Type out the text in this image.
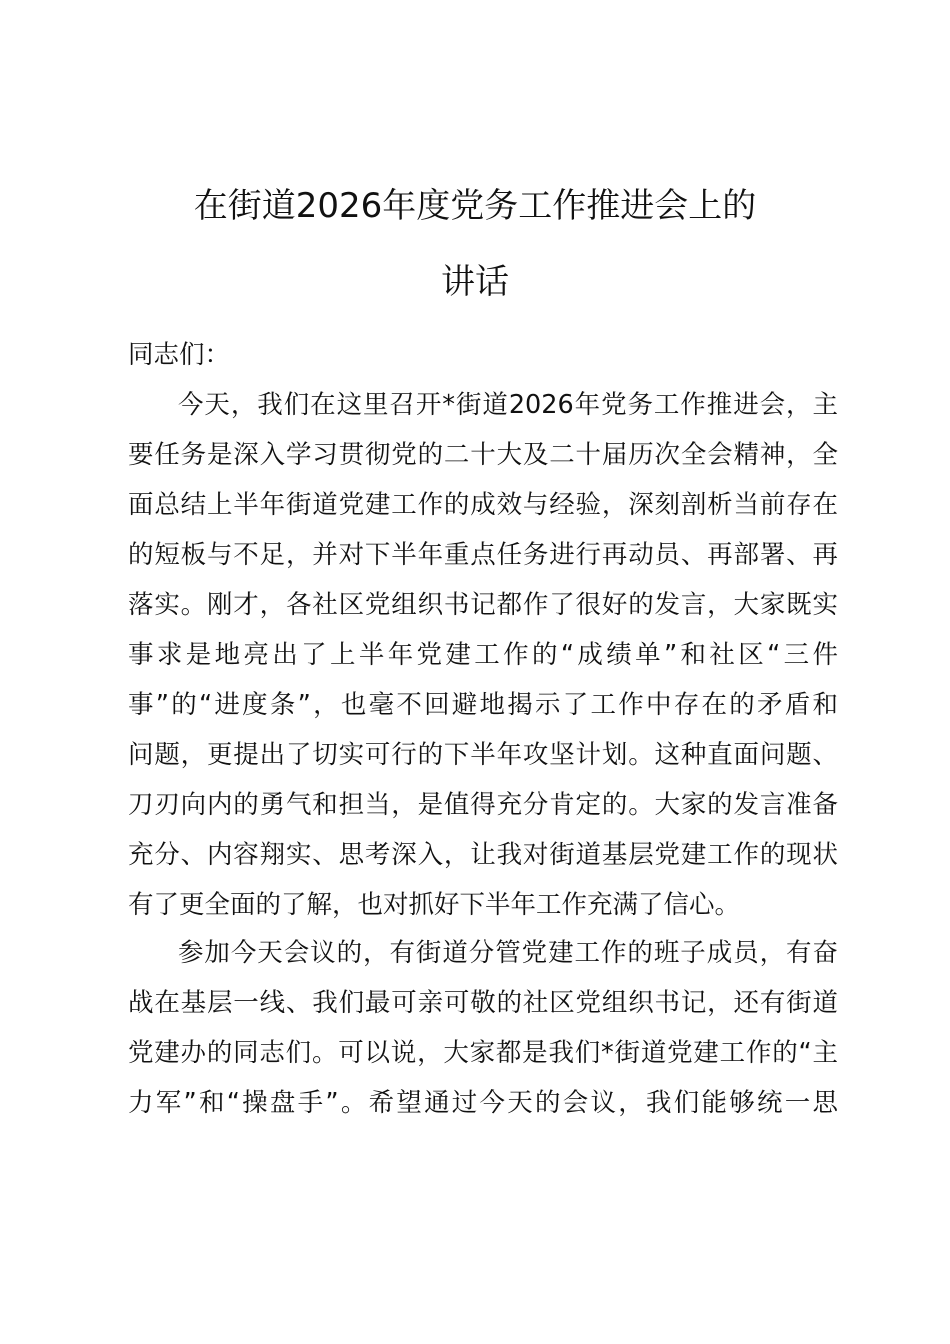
在街道2026年度党务工作推进会上的
讲话
同志们：
今天，我们在这里召开*街道2026年党务工作推进会，主
要任务是深入学习贯彻党的二十大及二十届历次全会精神，全
面总结上半年街道党建工作的成效与经验，深刻剖析当前存在
的短板与不足，并对下半年重点任务进行再动员、再部署、再
落实。刚才，各社区党组织书记都作了很好的发言，大家既实
事求是地亮出了上半年党建工作的“成绩单”和社区“三件
事”的“进度条”，也毫不回避地揭示了工作中存在的矛盾和
问题，更提出了切实可行的下半年攻坚计划。这种直面问题、
刀刃向内的勇气和担当，是值得充分肯定的。大家的发言准备
充分、内容翔实、思考深入，让我对街道基层党建工作的现状
有了更全面的了解，也对抓好下半年工作充满了信心。
参加今天会议的，有街道分管党建工作的班子成员，有奋
战在基层一线、我们最可亲可敬的社区党组织书记，还有街道
党建办的同志们。可以说，大家都是我们*街道党建工作的“主
力军”和“操盘手”。希望通过今天的会议，我们能够统一思
